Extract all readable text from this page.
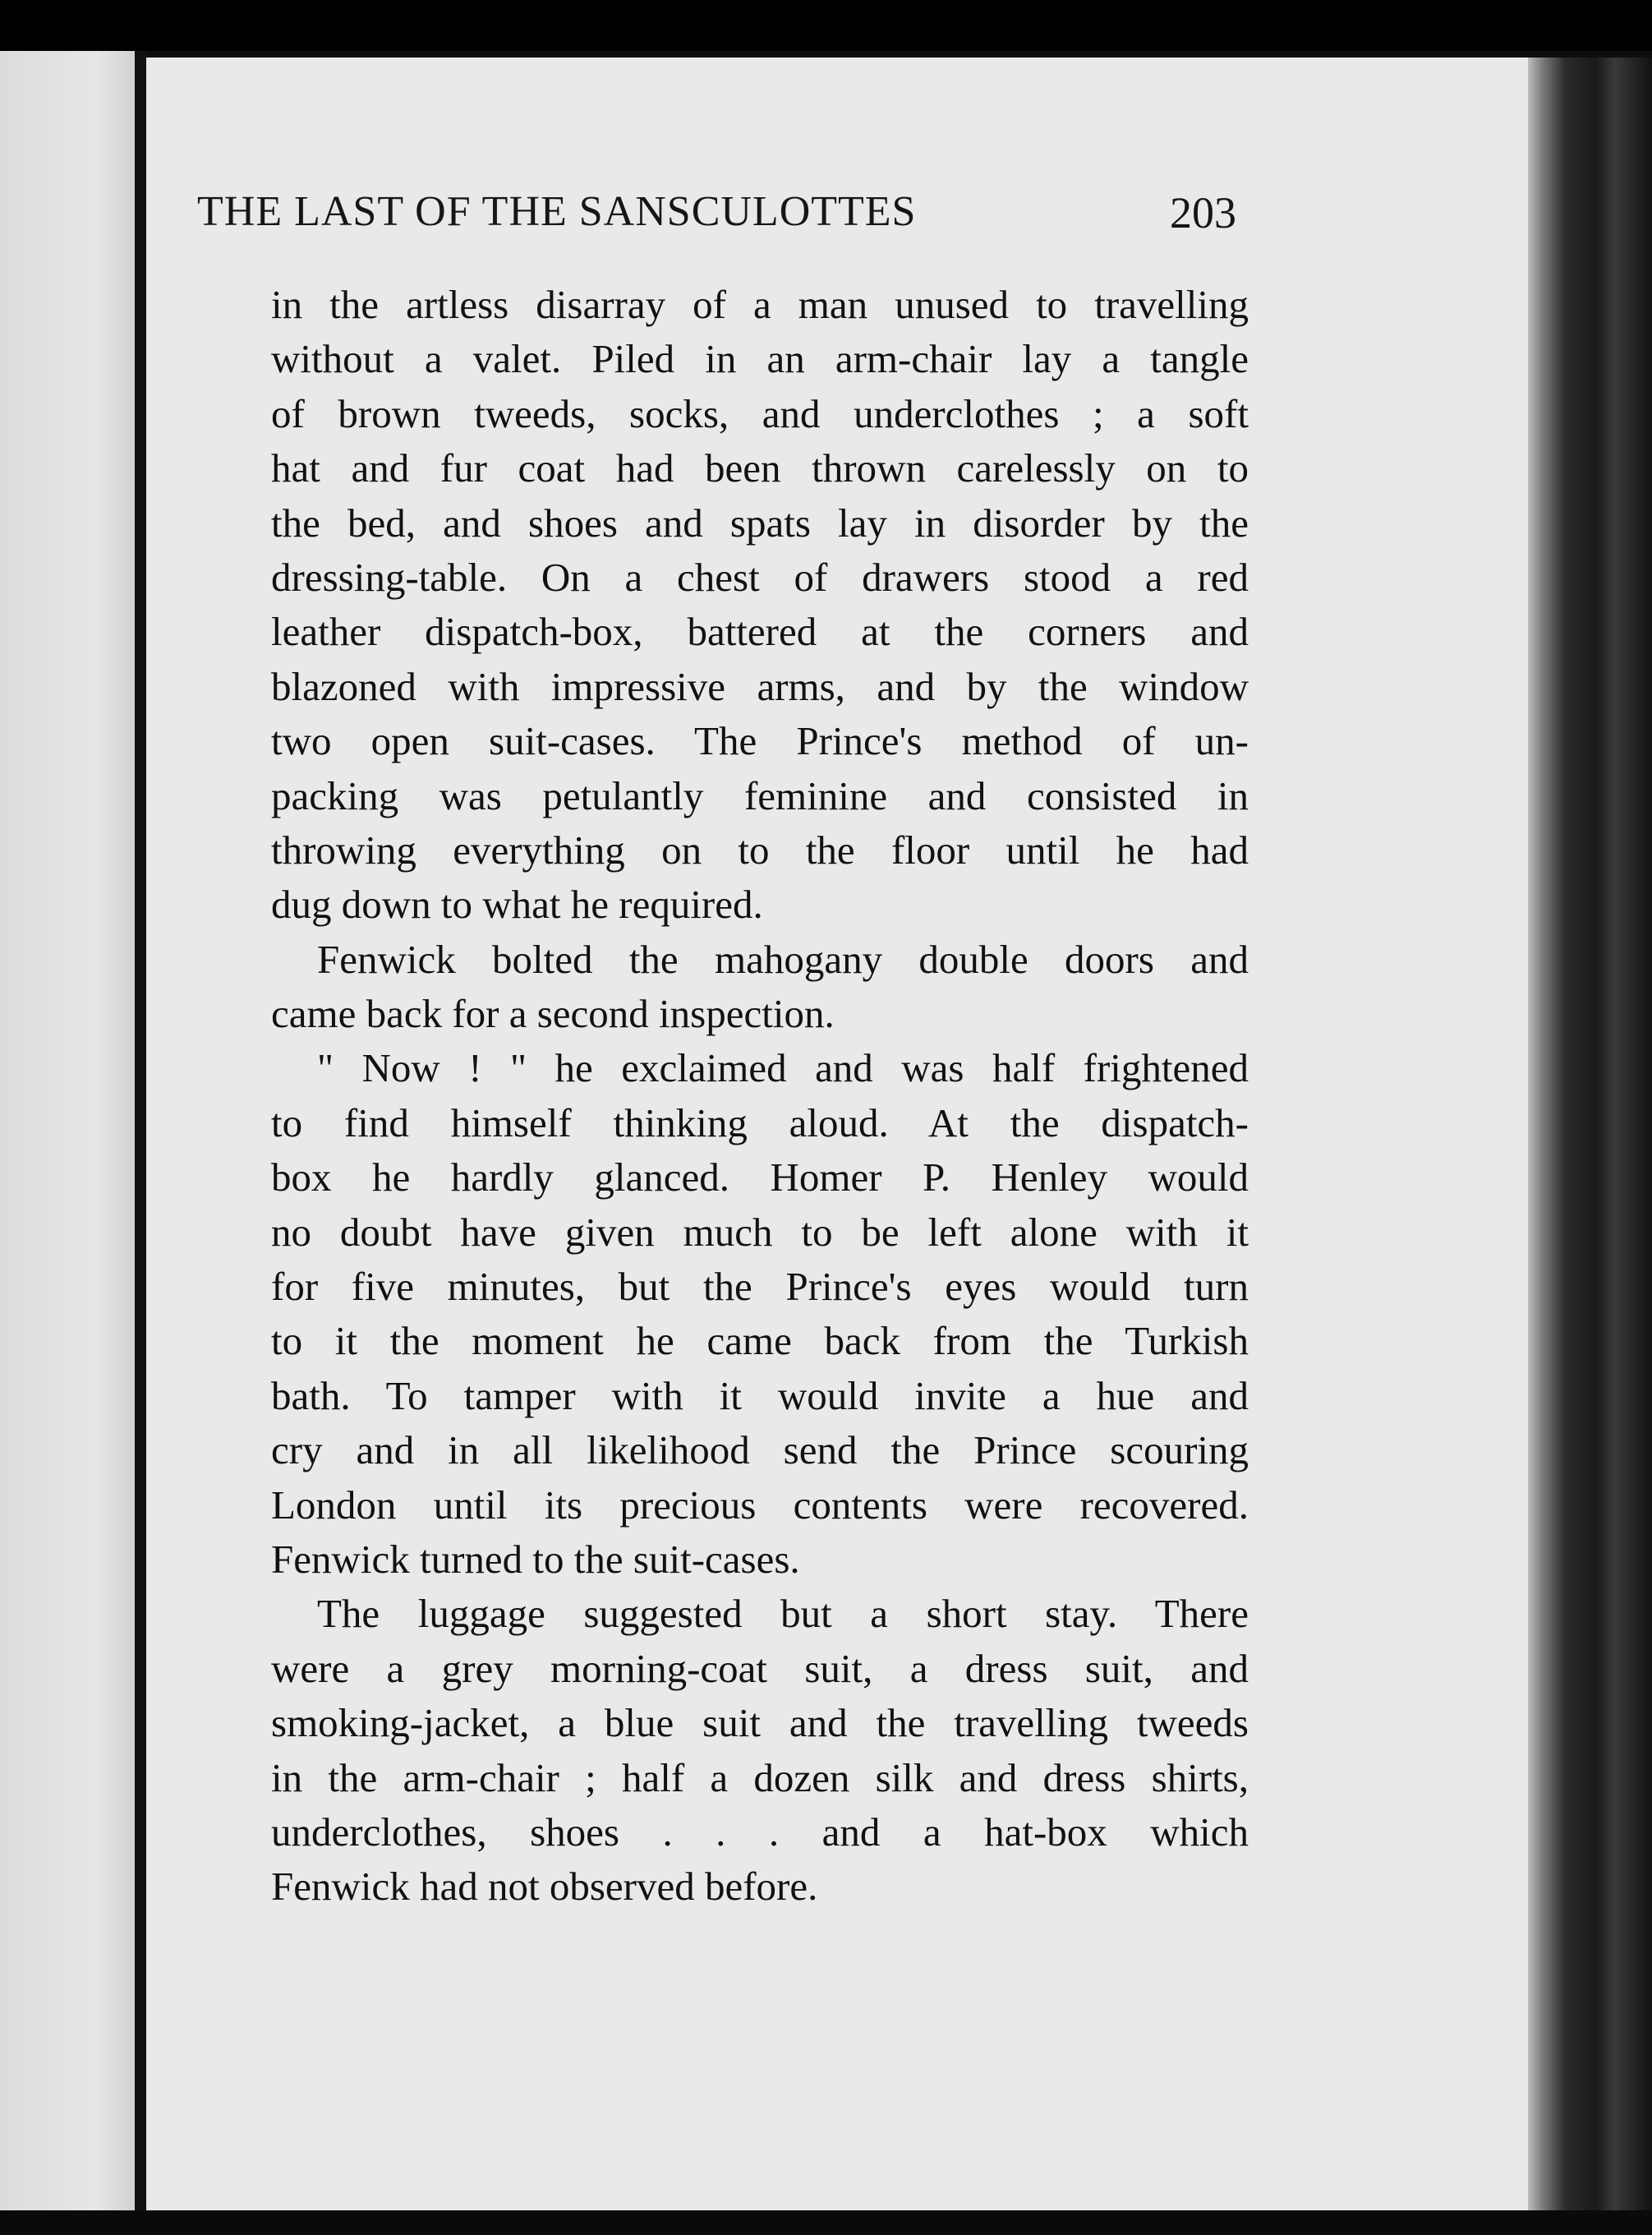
THE LAST OF THE SANSCULOTTES	203
in the artless disarray of a man unused to travelling
without a valet. Piled in an arm-chair lay a tangle
of brown tweeds, socks, and underclothes ; a soft
hat and fur coat had been thrown carelessly on to
the bed, and shoes and spats lay in disorder by the
dressing-table. On a chest of drawers stood a red
leather dispatch-box, battered at the corners and
blazoned with impressive arms, and by the window
two open suit-cases. The Prince's method of un-
packing was petulantly feminine and consisted in
throwing everything on to the floor until he had
dug down to what he required.
Fenwick bolted the mahogany double doors and
came back for a second inspection.
" Now ! " he exclaimed and was half frightened
to find himself thinking aloud. At the dispatch-
box he hardly glanced. Homer P. Henley would
no doubt have given much to be left alone with it
for five minutes, but the Prince's eyes would turn
to it the moment he came back from the Turkish
bath. To tamper with it would invite a hue and
cry and in all likelihood send the Prince scouring
London until its precious contents were recovered.
Fenwick turned to the suit-cases.
The luggage suggested but a short stay. There
were a grey morning-coat suit, a dress suit, and
smoking-jacket, a blue suit and the travelling tweeds
in the arm-chair ; half a dozen silk and dress shirts,
underclothes, shoes . . . and a hat-box which
Fenwick had not observed before.
